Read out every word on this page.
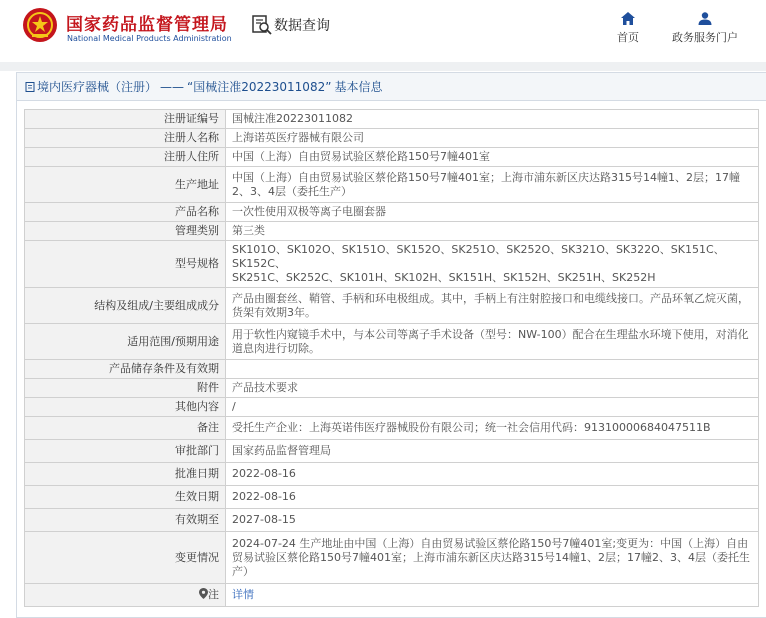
国家药品监督管理局
National Medical Products Administration
数据查询
首页	政务服务门户
境内医疗器械（注册） —— “国械注准20223011082” 基本信息
注册证编号	国械注准20223011082
注册人名称	上海诺英医疗器械有限公司
注册人住所	中国（上海）自由贸易试验区蔡伦路150号7幢401室
生产地址	中国（上海）自由贸易试验区蔡伦路150号7幢401室；上海市浦东新区庆达路315号14幢1、2层；17幢2、3、4层（委托生产）
产品名称	一次性使用双极等离子电圈套器
管理类别	第三类
型号规格	SK101O、SK102O、SK151O、SK152O、SK251O、SK252O、SK321O、SK322O、SK151C、SK152C、
SK251C、SK252C、SK101H、SK102H、SK151H、SK152H、SK251H、SK252H

结构及组成/主要组成成分	产品由圈套丝、鞘管、手柄和环电极组成。其中，手柄上有注射腔接口和电缆线接口。产品环氧乙烷灭菌，货架有效期3年。
适用范围/预期用途	用于软性内窥镜手术中，与本公司等离子手术设备（型号：NW-100）配合在生理盐水环境下使用，对消化道息肉进行切除。
产品储存条件及有效期	
附件	产品技术要求
其他内容	/
备注	受托生产企业：上海英诺伟医疗器械股份有限公司；统一社会信用代码：91310000684047511B
审批部门	国家药品监督管理局
批准日期	2022-08-16
生效日期	2022-08-16
有效期至	2027-08-15
变更情况	2024-07-24 生产地址由中国（上海）自由贸易试验区蔡伦路150号7幢401室;变更为：中国（上海）自由贸易试验区蔡伦路150号7幢401室；上海市浦东新区庆达路315号14幢1、2层；17幢2、3、4层（委托生产）
注	详情
